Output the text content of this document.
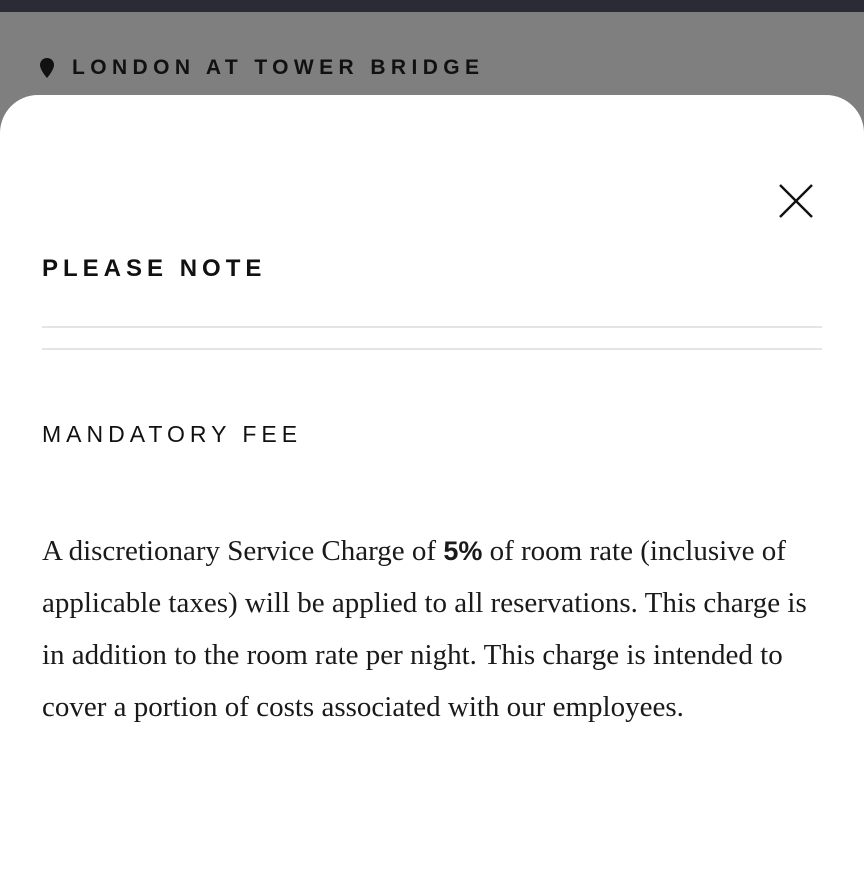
LONDON AT TOWER BRIDGE
PLEASE NOTE
MANDATORY FEE

A discretionary Service Charge of 5% of room rate (inclusive of applicable taxes) will be applied to all reservations. This charge is in addition to the room rate per night. This charge is intended to cover a portion of costs associated with our employees.
